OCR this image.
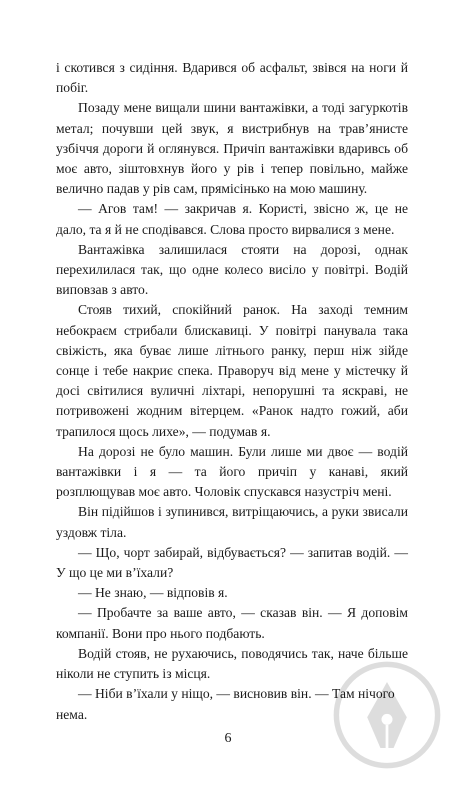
і скотився з сидіння. Вдарився об асфальт, звівся на ноги й побіг.

Позаду мене вищали шини вантажівки, а тоді загуркотів метал; почувши цей звук, я вистрибнув на трав’янисте узбіччя дороги й оглянувся. Причіп вантажівки вдаривсь об моє авто, зіштовхнув його у рів і тепер повільно, майже велично падав у рів сам, прямісінько на мою машину.

— Агов там! — закричав я. Користі, звісно ж, це не дало, та я й не сподівався. Слова просто вирвалися з мене.

Вантажівка залишилася стояти на дорозі, однак перехилилася так, що одне колесо висіло у повітрі. Водій виповзав з авто.

Стояв тихий, спокійний ранок. На заході темним небокраєм стрибали блискавиці. У повітрі панувала така свіжість, яка буває лише літнього ранку, перш ніж зійде сонце і тебе накриє спека. Праворуч від мене у містечку й досі світилися вуличні ліхтарі, непорушні та яскраві, не потривожені жодним вітерцем. «Ранок надто гожий, аби трапилося щось лихе», — подумав я.

На дорозі не було машин. Були лише ми двоє — водій вантажівки і я — та його причіп у канаві, який розплющував моє авто. Чоловік спускався назустріч мені.

Він підійшов і зупинився, витріщаючись, а руки звисали уздовж тіла.

— Що, чорт забирай, відбувається? — запитав водій. — У що це ми в’їхали?

— Не знаю, — відповів я.

— Пробачте за ваше авто, — сказав він. — Я доповім компанії. Вони про нього подбають.

Водій стояв, не рухаючись, поводячись так, наче більше ніколи не ступить із місця.

— Ніби в’їхали у ніщо, — висновив він. — Там нічого нема.

6
